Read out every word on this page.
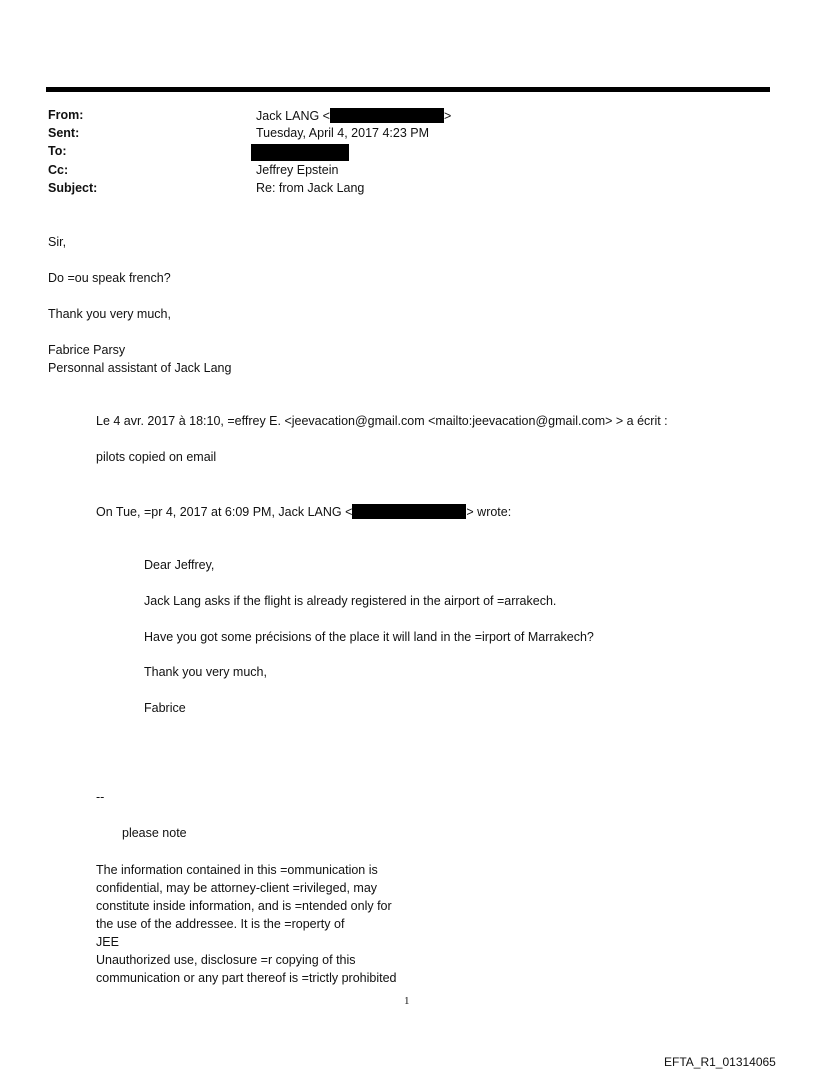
From:	Jack LANG <	>
Sent:	Tuesday, April 4, 2017 4:23 PM
To:
Cc:	Jeffrey Epstein
Subject:	Re: from Jack Lang
Sir,
Do =ou speak french?
Thank you very much,
Fabrice Parsy
Personnal assistant of Jack Lang
Le 4 avr. 2017 à 18:10, =effrey E. <jeevacation@gmail.com <mailto:jeevacation@gmail.com> > a écrit :
pilots copied on email
On Tue, =pr 4, 2017 at 6:09 PM, Jack LANG <	> wrote:
Dear Jeffrey,
Jack Lang asks if the flight is already registered in the airport of =arrakech.
Have you got some précisions of the place it will land in the =irport of Marrakech?
Thank you very much,
Fabrice
--
please note
The information contained in this =ommunication is
confidential, may be attorney-client =rivileged, may
constitute inside information, and is =ntended only for
the use of the addressee. It is the =roperty of
JEE
Unauthorized use, disclosure =r copying of this
communication or any part thereof is =trictly prohibited
1
EFTA_R1_01314065
